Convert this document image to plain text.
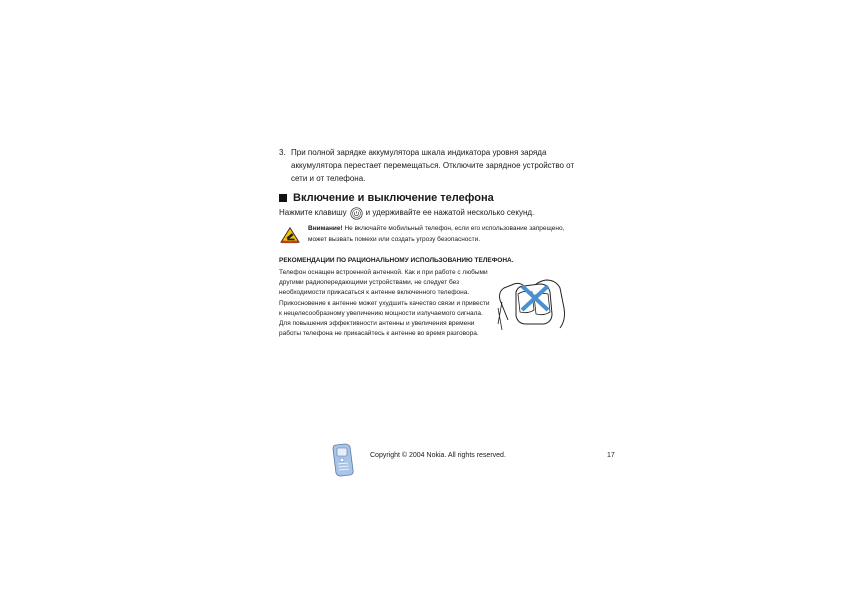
3. При полной зарядке аккумулятора шкала индикатора уровня заряда аккумулятора перестает перемещаться. Отключите зарядное устройство от сети и от телефона.
Включение и выключение телефона
Нажмите клавишу и удерживайте ее нажатой несколько секунд.
Внимание! Не включайте мобильный телефон, если его использование запрещено, может вызвать помехи или создать угрозу безопасности.
РЕКОМЕНДАЦИИ ПО РАЦИОНАЛЬНОМУ ИСПОЛЬЗОВАНИЮ ТЕЛЕФОНА.
Телефон оснащен встроенной антенной. Как и при работе с любыми другими радиопередающими устройствами, не следует без необходимости прикасаться к антенне включенного телефона. Прикосновение к антенне может ухудшить качество связи и привести к нецелесообразному увеличению мощности излучаемого сигнала. Для повышения эффективности антенны и увеличения времени работы телефона не прикасайтесь к антенне во время разговора.
Copyright © 2004 Nokia. All rights reserved.	17
